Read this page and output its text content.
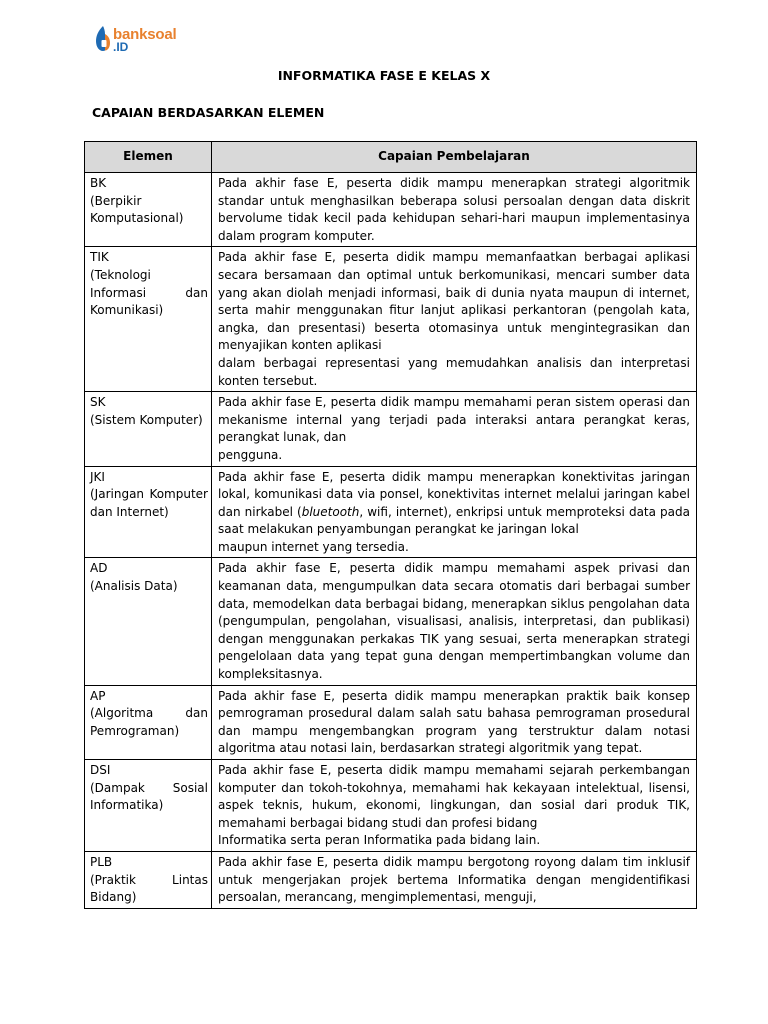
banksoal
.ID
INFORMATIKA FASE E KELAS X
CAPAIAN BERDASARKAN ELEMEN
Elemen	Capaian Pembelajaran

BK
(Berpikir Komputasional)	Pada akhir fase E, peserta didik mampu menerapkan strategi algoritmik standar untuk menghasilkan beberapa solusi persoalan dengan data diskrit bervolume tidak kecil pada kehidupan sehari-hari maupun implementasinya dalam program komputer.

TIK
(Teknologi Informasi dan Komunikasi)	Pada akhir fase E, peserta didik mampu memanfaatkan berbagai aplikasi secara bersamaan dan optimal untuk berkomunikasi, mencari sumber data yang akan diolah menjadi informasi, baik di dunia nyata maupun di internet, serta mahir menggunakan fitur lanjut aplikasi perkantoran (pengolah kata, angka, dan presentasi) beserta otomasinya untuk mengintegrasikan dan menyajikan konten aplikasi
dalam berbagai representasi yang memudahkan analisis dan interpretasi konten tersebut.

SK
(Sistem Komputer)	Pada akhir fase E, peserta didik mampu memahami peran sistem operasi dan mekanisme internal yang terjadi pada interaksi antara perangkat keras, perangkat lunak, dan
pengguna.

JKI
(Jaringan Komputer dan Internet)	Pada akhir fase E, peserta didik mampu menerapkan konektivitas jaringan lokal, komunikasi data via ponsel, konektivitas internet melalui jaringan kabel dan nirkabel (bluetooth, wifi, internet), enkripsi untuk memproteksi data pada saat melakukan penyambungan perangkat ke jaringan lokal
maupun internet yang tersedia.

AD
(Analisis Data)	Pada akhir fase E, peserta didik mampu memahami aspek privasi dan keamanan data, mengumpulkan data secara otomatis dari berbagai sumber data, memodelkan data berbagai bidang, menerapkan siklus pengolahan data (pengumpulan, pengolahan, visualisasi, analisis, interpretasi, dan publikasi) dengan menggunakan perkakas TIK yang sesuai, serta menerapkan strategi pengelolaan data yang tepat guna dengan mempertimbangkan volume dan kompleksitasnya.

AP
(Algoritma dan Pemrograman)	Pada akhir fase E, peserta didik mampu menerapkan praktik baik konsep pemrograman prosedural dalam salah satu bahasa pemrograman prosedural dan mampu mengembangkan program yang terstruktur dalam notasi algoritma atau notasi lain, berdasarkan strategi algoritmik yang tepat.

DSI
(Dampak Sosial Informatika)	Pada akhir fase E, peserta didik mampu memahami sejarah perkembangan komputer dan tokoh-tokohnya, memahami hak kekayaan intelektual, lisensi, aspek teknis, hukum, ekonomi, lingkungan, dan sosial dari produk TIK, memahami berbagai bidang studi dan profesi bidang
Informatika serta peran Informatika pada bidang lain.

PLB
(Praktik Lintas Bidang)	Pada akhir fase E, peserta didik mampu bergotong royong dalam tim inklusif untuk mengerjakan projek bertema Informatika dengan mengidentifikasi persoalan, merancang, mengimplementasi, menguji,
